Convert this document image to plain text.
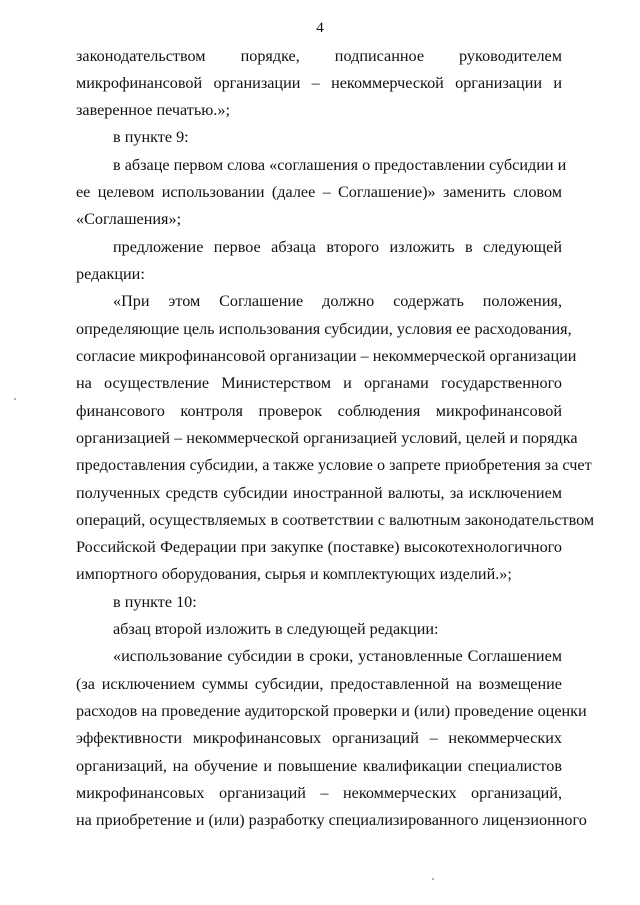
4
законодательством порядке, подписанное руководителем
микрофинансовой организации – некоммерческой организации и
заверенное печатью.»;
в пункте 9:
в абзаце первом слова «соглашения о предоставлении субсидии и
ее целевом использовании (далее – Соглашение)» заменить словом
«Соглашения»;
предложение первое абзаца второго изложить в следующей
редакции:
«При этом Соглашение должно содержать положения,
определяющие цель использования субсидии, условия ее расходования,
согласие микрофинансовой организации – некоммерческой организации
на осуществление Министерством и органами государственного
финансового контроля проверок соблюдения микрофинансовой
организацией – некоммерческой организацией условий, целей и порядка
предоставления субсидии, а также условие о запрете приобретения за счет
полученных средств субсидии иностранной валюты, за исключением
операций, осуществляемых в соответствии с валютным законодательством
Российской Федерации при закупке (поставке) высокотехнологичного
импортного оборудования, сырья и комплектующих изделий.»;
в пункте 10:
абзац второй изложить в следующей редакции:
«использование субсидии в сроки, установленные Соглашением
(за исключением суммы субсидии, предоставленной на возмещение
расходов на проведение аудиторской проверки и (или) проведение оценки
эффективности микрофинансовых организаций – некоммерческих
организаций, на обучение и повышение квалификации специалистов
микрофинансовых организаций – некоммерческих организаций,
на приобретение и (или) разработку специализированного лицензионного
